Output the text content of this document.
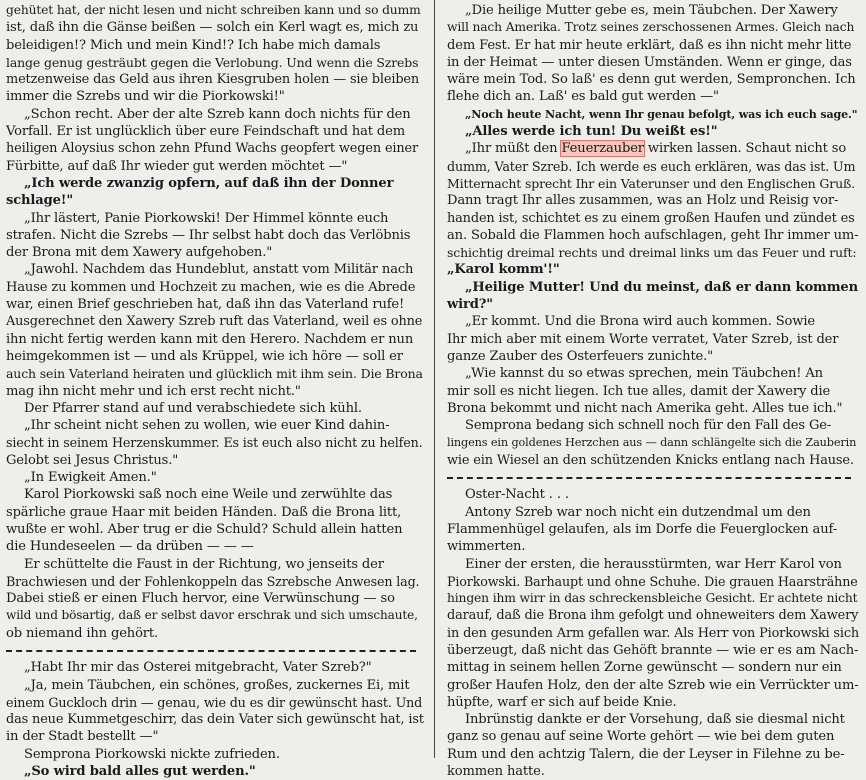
gehütet hat, der nicht lesen und nicht schreiben kann und so dumm
ist, daß ihn die Gänse beißen — solch ein Kerl wagt es, mich zu
beleidigen!? Mich und mein Kind!? Ich habe mich damals
lange genug gesträubt gegen die Verlobung. Und wenn die Szrebs
metzenweise das Geld aus ihren Kiesgruben holen — sie bleiben
immer die Szrebs und wir die Piorkowski!"
„Schon recht. Aber der alte Szreb kann doch nichts für den
Vorfall. Er ist unglücklich über eure Feindschaft und hat dem
heiligen Aloysius schon zehn Pfund Wachs geopfert wegen einer
Fürbitte, auf daß Ihr wieder gut werden möchtet —"
„Ich werde zwanzig opfern, auf daß ihn der Donner
schlage!"
„Ihr lästert, Panie Piorkowski! Der Himmel könnte euch
strafen. Nicht die Szrebs — Ihr selbst habt doch das Verlöbnis
der Brona mit dem Xawery aufgehoben."
„Jawohl. Nachdem das Hundeblut, anstatt vom Militär nach
Hause zu kommen und Hochzeit zu machen, wie es die Abrede
war, einen Brief geschrieben hat, daß ihn das Vaterland rufe!
Ausgerechnet den Xawery Szreb ruft das Vaterland, weil es ohne
ihn nicht fertig werden kann mit den Herero. Nachdem er nun
heimgekommen ist — und als Krüppel, wie ich höre — soll er
auch sein Vaterland heiraten und glücklich mit ihm sein. Die Brona
mag ihn nicht mehr und ich erst recht nicht."
Der Pfarrer stand auf und verabschiedete sich kühl.
„Ihr scheint nicht sehen zu wollen, wie euer Kind dahin-
siecht in seinem Herzenskummer. Es ist euch also nicht zu helfen.
Gelobt sei Jesus Christus."
„In Ewigkeit Amen."
Karol Piorkowski saß noch eine Weile und zerwühlte das
spärliche graue Haar mit beiden Händen. Daß die Brona litt,
wußte er wohl. Aber trug er die Schuld? Schuld allein hatten
die Hundeseelen — da drüben — — —
Er schüttelte die Faust in der Richtung, wo jenseits der
Brachwiesen und der Fohlenkoppeln das Szrebsche Anwesen lag.
Dabei stieß er einen Fluch hervor, eine Verwünschung — so
wild und bösartig, daß er selbst davor erschrak und sich umschaute,
ob niemand ihn gehört.
„Habt Ihr mir das Osterei mitgebracht, Vater Szreb?"
„Ja, mein Täubchen, ein schönes, großes, zuckernes Ei, mit
einem Guckloch drin — genau, wie du es dir gewünscht hast. Und
das neue Kummetgeschirr, das dein Vater sich gewünscht hat, ist
in der Stadt bestellt —"
Semprona Piorkowski nickte zufrieden.
„So wird bald alles gut werden."
„Die heilige Mutter gebe es, mein Täubchen. Der Xawery
will nach Amerika. Trotz seines zerschossenen Armes. Gleich nach
dem Fest. Er hat mir heute erklärt, daß es ihn nicht mehr litte
in der Heimat — unter diesen Umständen. Wenn er ginge, das
wäre mein Tod. So laß' es denn gut werden, Sempronchen. Ich
flehe dich an. Laß' es bald gut werden —"
„Noch heute Nacht, wenn Ihr genau befolgt, was ich euch sage."
„Alles werde ich tun! Du weißt es!"
„Ihr müßt den Feuerzauber wirken lassen. Schaut nicht so
dumm, Vater Szreb. Ich werde es euch erklären, was das ist. Um
Mitternacht sprecht Ihr ein Vaterunser und den Englischen Gruß.
Dann tragt Ihr alles zusammen, was an Holz und Reisig vor-
handen ist, schichtet es zu einem großen Haufen und zündet es
an. Sobald die Flammen hoch aufschlagen, geht Ihr immer um-
schichtig dreimal rechts und dreimal links um das Feuer und ruft:
„Karol komm'!"
„Heilige Mutter! Und du meinst, daß er dann kommen
wird?"
„Er kommt. Und die Brona wird auch kommen. Sowie
Ihr mich aber mit einem Worte verratet, Vater Szreb, ist der
ganze Zauber des Osterfeuers zunichte."
„Wie kannst du so etwas sprechen, mein Täubchen! An
mir soll es nicht liegen. Ich tue alles, damit der Xawery die
Brona bekommt und nicht nach Amerika geht. Alles tue ich."
Semprona bedang sich schnell noch für den Fall des Ge-
lingens ein goldenes Herzchen aus — dann schlängelte sich die Zauberin
wie ein Wiesel an den schützenden Knicks entlang nach Hause.
Oster-Nacht . . .
Antony Szreb war noch nicht ein dutzendmal um den
Flammenhügel gelaufen, als im Dorfe die Feuerglocken auf-
wimmerten.
Einer der ersten, die herausstürmten, war Herr Karol von
Piorkowski. Barhaupt und ohne Schuhe. Die grauen Haarsträhne
hingen ihm wirr in das schreckensbleiche Gesicht. Er achtete nicht
darauf, daß die Brona ihm gefolgt und ohneweiters dem Xawery
in den gesunden Arm gefallen war. Als Herr von Piorkowski sich
überzeugt, daß nicht das Gehöft brannte — wie er es am Nach-
mittag in seinem hellen Zorne gewünscht — sondern nur ein
großer Haufen Holz, den der alte Szreb wie ein Verrückter um-
hüpfte, warf er sich auf beide Knie.
Inbrünstig dankte er der Vorsehung, daß sie diesmal nicht
ganz so genau auf seine Worte gehört — wie bei dem guten
Rum und den achtzig Talern, die der Leyser in Filehne zu be-
kommen hatte.
